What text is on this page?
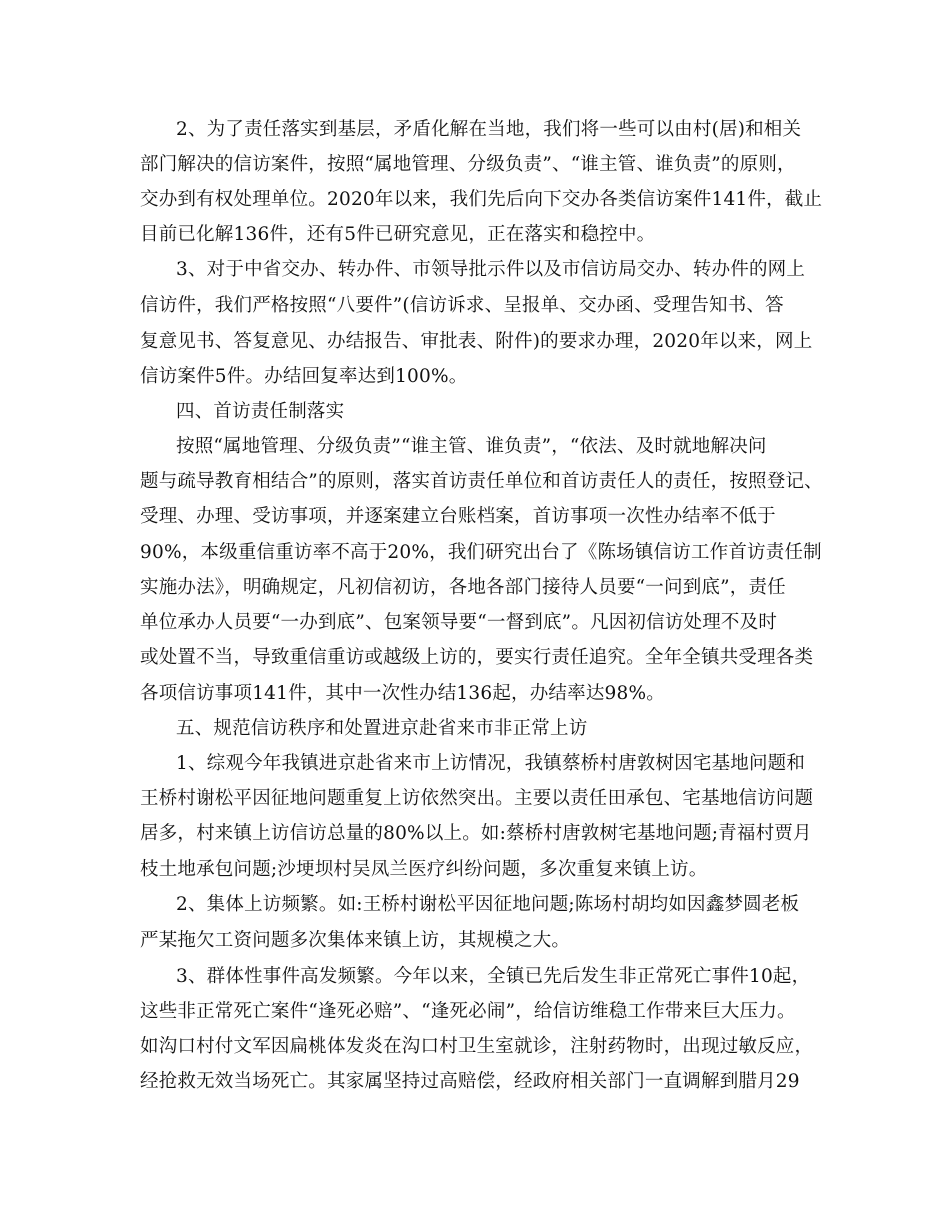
2、为了责任落实到基层，矛盾化解在当地，我们将一些可以由村(居)和相关
部门解决的信访案件，按照“属地管理、分级负责”、“谁主管、谁负责”的原则，
交办到有权处理单位。2020年以来，我们先后向下交办各类信访案件141件，截止
目前已化解136件，还有5件已研究意见，正在落实和稳控中。
3、对于中省交办、转办件、市领导批示件以及市信访局交办、转办件的网上
信访件，我们严格按照“八要件”(信访诉求、呈报单、交办函、受理告知书、答
复意见书、答复意见、办结报告、审批表、附件)的要求办理，2020年以来，网上
信访案件5件。办结回复率达到100%。
四、首访责任制落实
按照“属地管理、分级负责”“谁主管、谁负责”，“依法、及时就地解决问
题与疏导教育相结合”的原则，落实首访责任单位和首访责任人的责任，按照登记、
受理、办理、受访事项，并逐案建立台账档案，首访事项一次性办结率不低于
90%，本级重信重访率不高于20%，我们研究出台了《陈场镇信访工作首访责任制
实施办法》，明确规定，凡初信初访，各地各部门接待人员要“一问到底”，责任
单位承办人员要“一办到底”、包案领导要“一督到底”。凡因初信访处理不及时
或处置不当，导致重信重访或越级上访的，要实行责任追究。全年全镇共受理各类
各项信访事项141件，其中一次性办结136起，办结率达98%。
五、规范信访秩序和处置进京赴省来市非正常上访
1、综观今年我镇进京赴省来市上访情况，我镇蔡桥村唐敦树因宅基地问题和
王桥村谢松平因征地问题重复上访依然突出。主要以责任田承包、宅基地信访问题
居多，村来镇上访信访总量的80%以上。如:蔡桥村唐敦树宅基地问题;青福村贾月
枝土地承包问题;沙埂坝村吴凤兰医疗纠纷问题，多次重复来镇上访。
2、集体上访频繁。如:王桥村谢松平因征地问题;陈场村胡均如因鑫梦圆老板
严某拖欠工资问题多次集体来镇上访，其规模之大。
3、群体性事件高发频繁。今年以来，全镇已先后发生非正常死亡事件10起，
这些非正常死亡案件“逢死必赔”、“逢死必闹”，给信访维稳工作带来巨大压力。
如沟口村付文军因扁桃体发炎在沟口村卫生室就诊，注射药物时，出现过敏反应，
经抢救无效当场死亡。其家属坚持过高赔偿，经政府相关部门一直调解到腊月29
